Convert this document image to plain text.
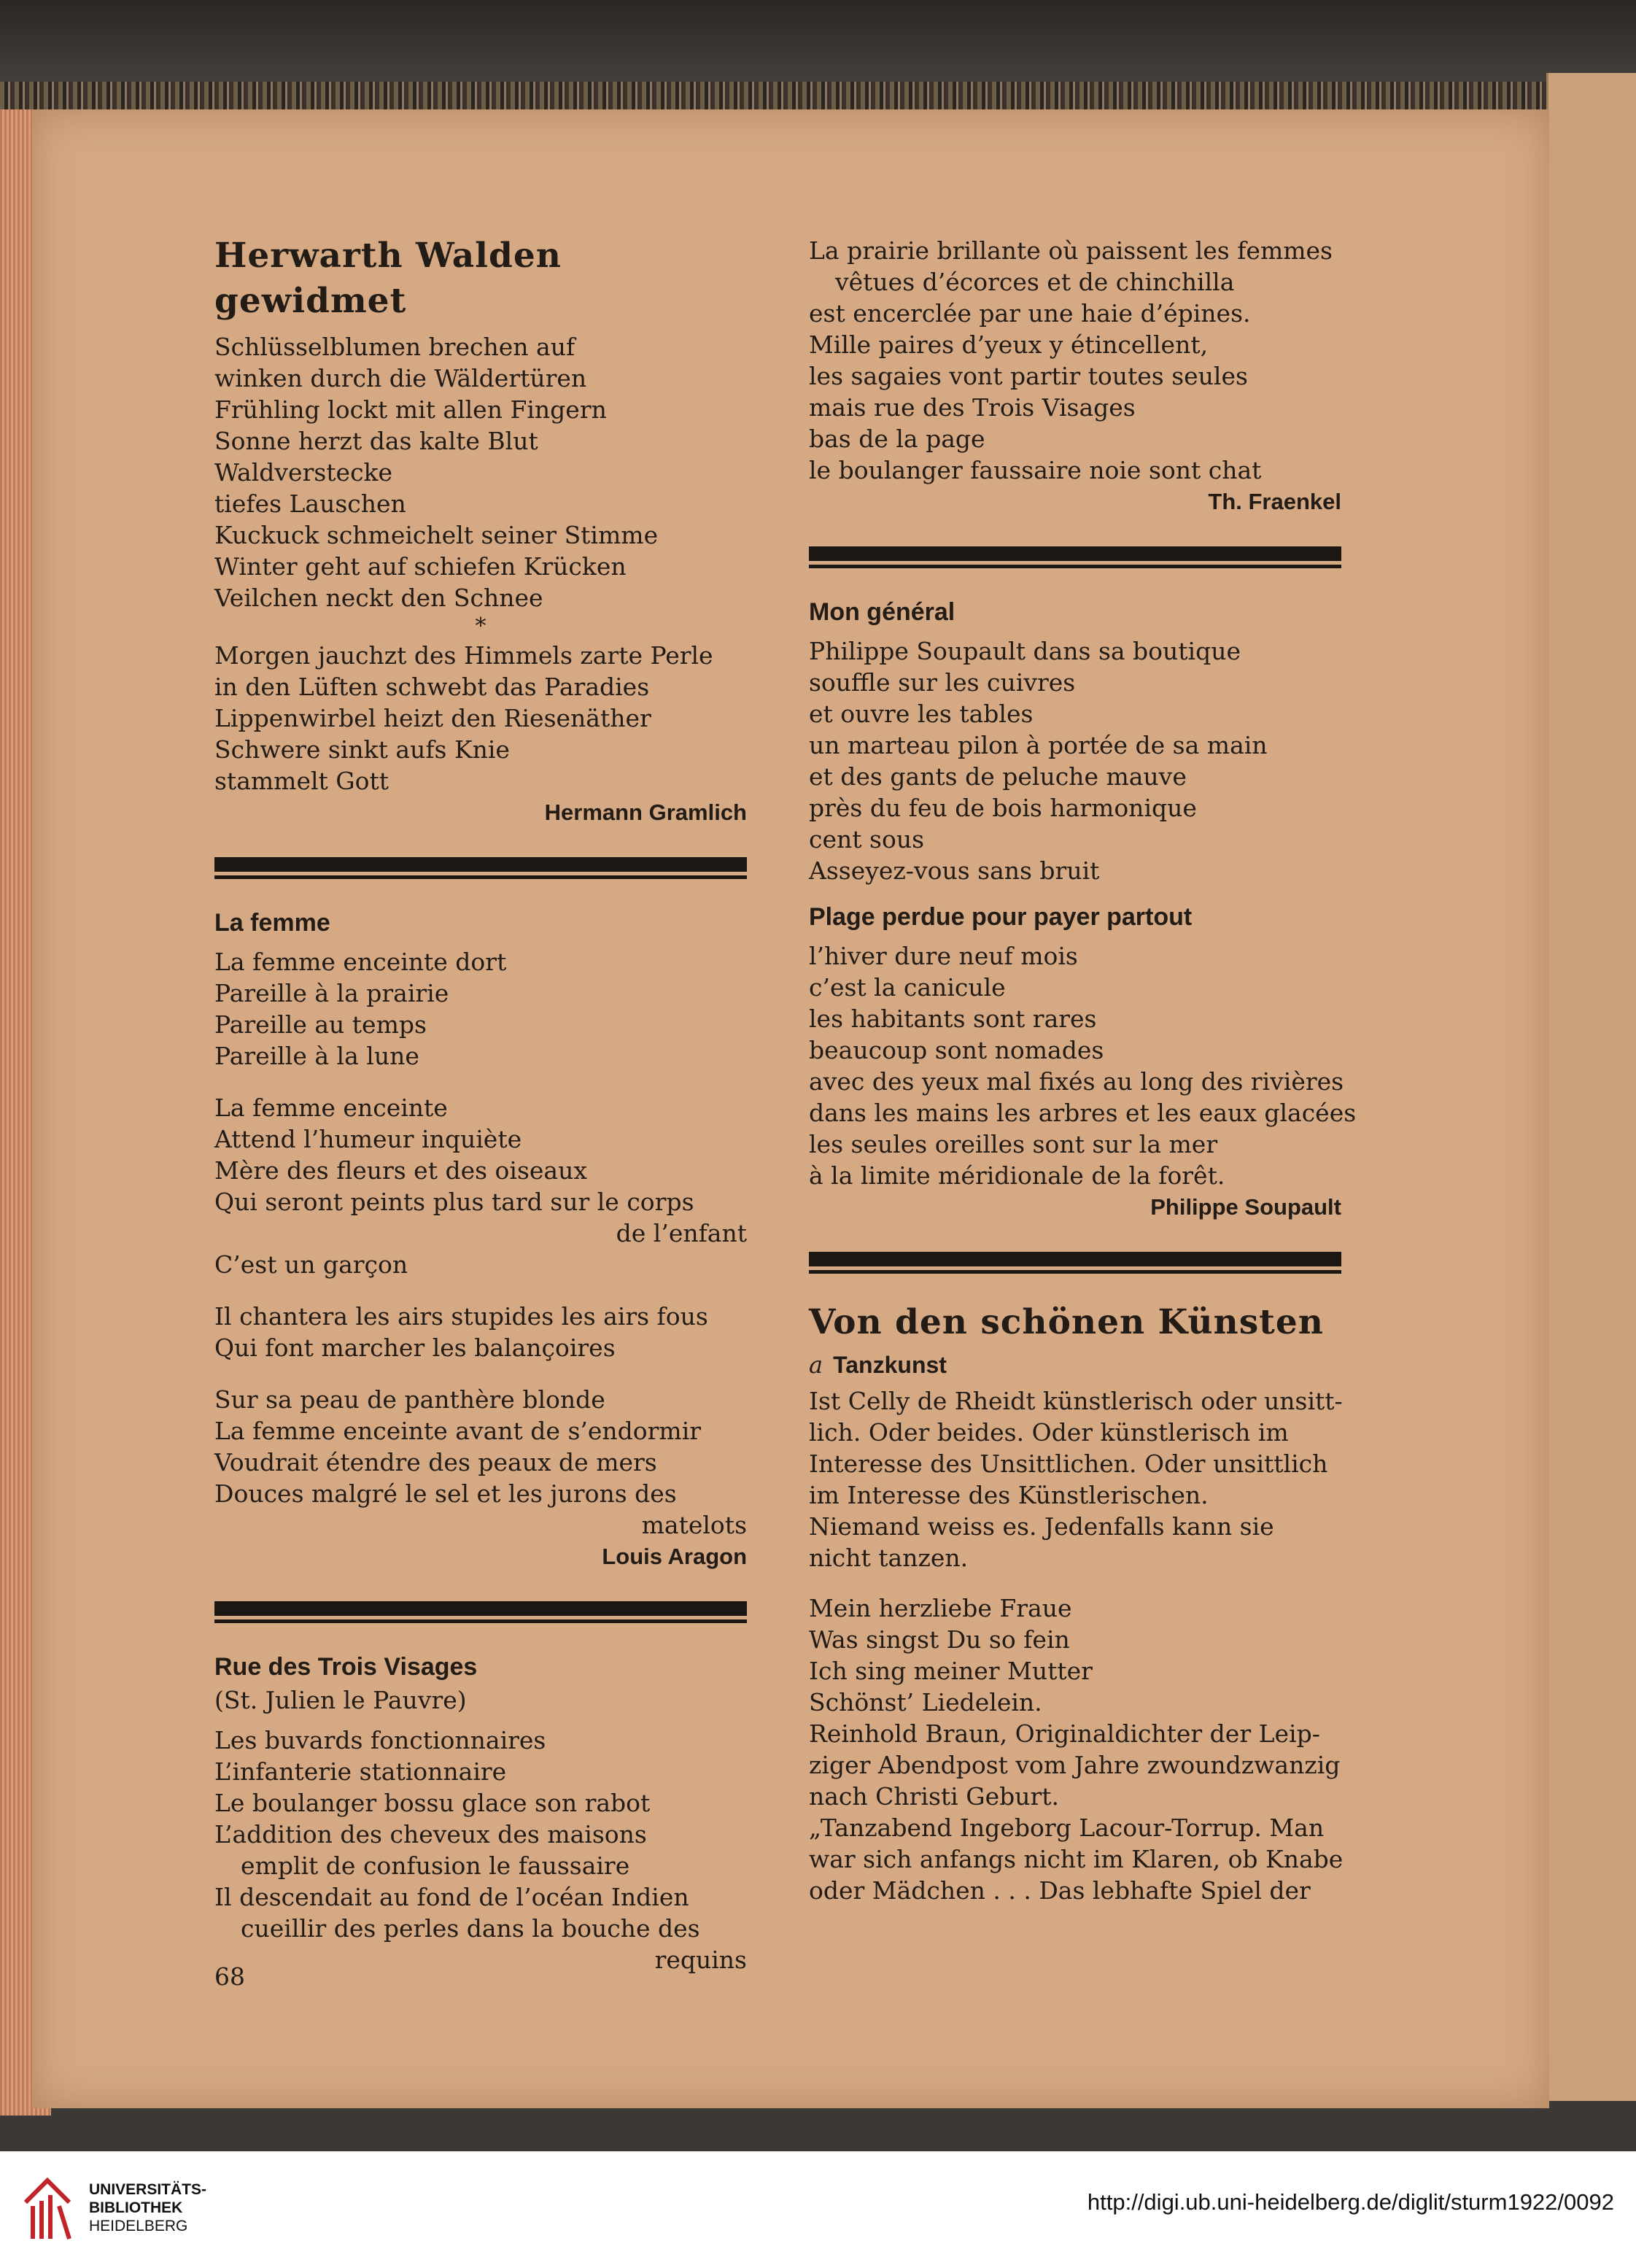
Herwarth Walden gewidmet
Schlüsselblumen brechen auf
winken durch die Wäldertüren
Frühling lockt mit allen Fingern
Sonne herzt das kalte Blut
Waldverstecke
tiefes Lauschen
Kuckuck schmeichelt seiner Stimme
Winter geht auf schiefen Krücken
Veilchen neckt den Schnee
*
Morgen jauchzt des Himmels zarte Perle
in den Lüften schwebt das Paradies
Lippenwirbel heizt den Riesenäther
Schwere sinkt aufs Knie
stammelt Gott
Hermann Gramlich
La femme
La femme enceinte dort
Pareille à la prairie
Pareille au temps
Pareille à la lune
La femme enceinte
Attend l’humeur inquiète
Mère des fleurs et des oiseaux
Qui seront peints plus tard sur le corps
de l’enfant
C’est un garçon
Il chantera les airs stupides les airs fous
Qui font marcher les balançoires
Sur sa peau de panthère blonde
La femme enceinte avant de s’endormir
Voudrait étendre des peaux de mers
Douces malgré le sel et les jurons des
matelots
Louis Aragon
Rue des Trois Visages
(St. Julien le Pauvre)
Les buvards fonctionnaires
L’infanterie stationnaire
Le boulanger bossu glace son rabot
L’addition des cheveux des maisons
emplit de confusion le faussaire
Il descendait au fond de l’océan Indien
cueillir des perles dans la bouche des
requins
La prairie brillante où paissent les femmes
vêtues d’écorces et de chinchilla
est encerclée par une haie d’épines.
Mille paires d’yeux y étincellent,
les sagaies vont partir toutes seules
mais rue des Trois Visages
bas de la page
le boulanger faussaire noie sont chat
Th. Fraenkel
Mon général
Philippe Soupault dans sa boutique
souffle sur les cuivres
et ouvre les tables
un marteau pilon à portée de sa main
et des gants de peluche mauve
près du feu de bois harmonique
cent sous
Asseyez-vous sans bruit
Plage perdue pour payer partout
l’hiver dure neuf mois
c’est la canicule
les habitants sont rares
beaucoup sont nomades
avec des yeux mal fixés au long des rivières
dans les mains les arbres et les eaux glacées
les seules oreilles sont sur la mer
à la limite méridionale de la forêt.
Philippe Soupault
Von den schönen Künsten
a Tanzkunst
Ist Celly de Rheidt künstlerisch oder unsitt-
lich. Oder beides. Oder künstlerisch im
Interesse des Unsittlichen. Oder unsittlich
im Interesse des Künstlerischen.
Niemand weiss es. Jedenfalls kann sie
nicht tanzen.
Mein herzliebe Fraue
Was singst Du so fein
Ich sing meiner Mutter
Schönst’ Liedelein.
Reinhold Braun, Originaldichter der Leip-
ziger Abendpost vom Jahre zwoundzwanzig
nach Christi Geburt.
„Tanzabend Ingeborg Lacour-Torrup. Man
war sich anfangs nicht im Klaren, ob Knabe
oder Mädchen . . . Das lebhafte Spiel der
68
UNIVERSITÄTS-
BIBLIOTHEK
HEIDELBERG
http://digi.ub.uni-heidelberg.de/diglit/sturm1922/0092
